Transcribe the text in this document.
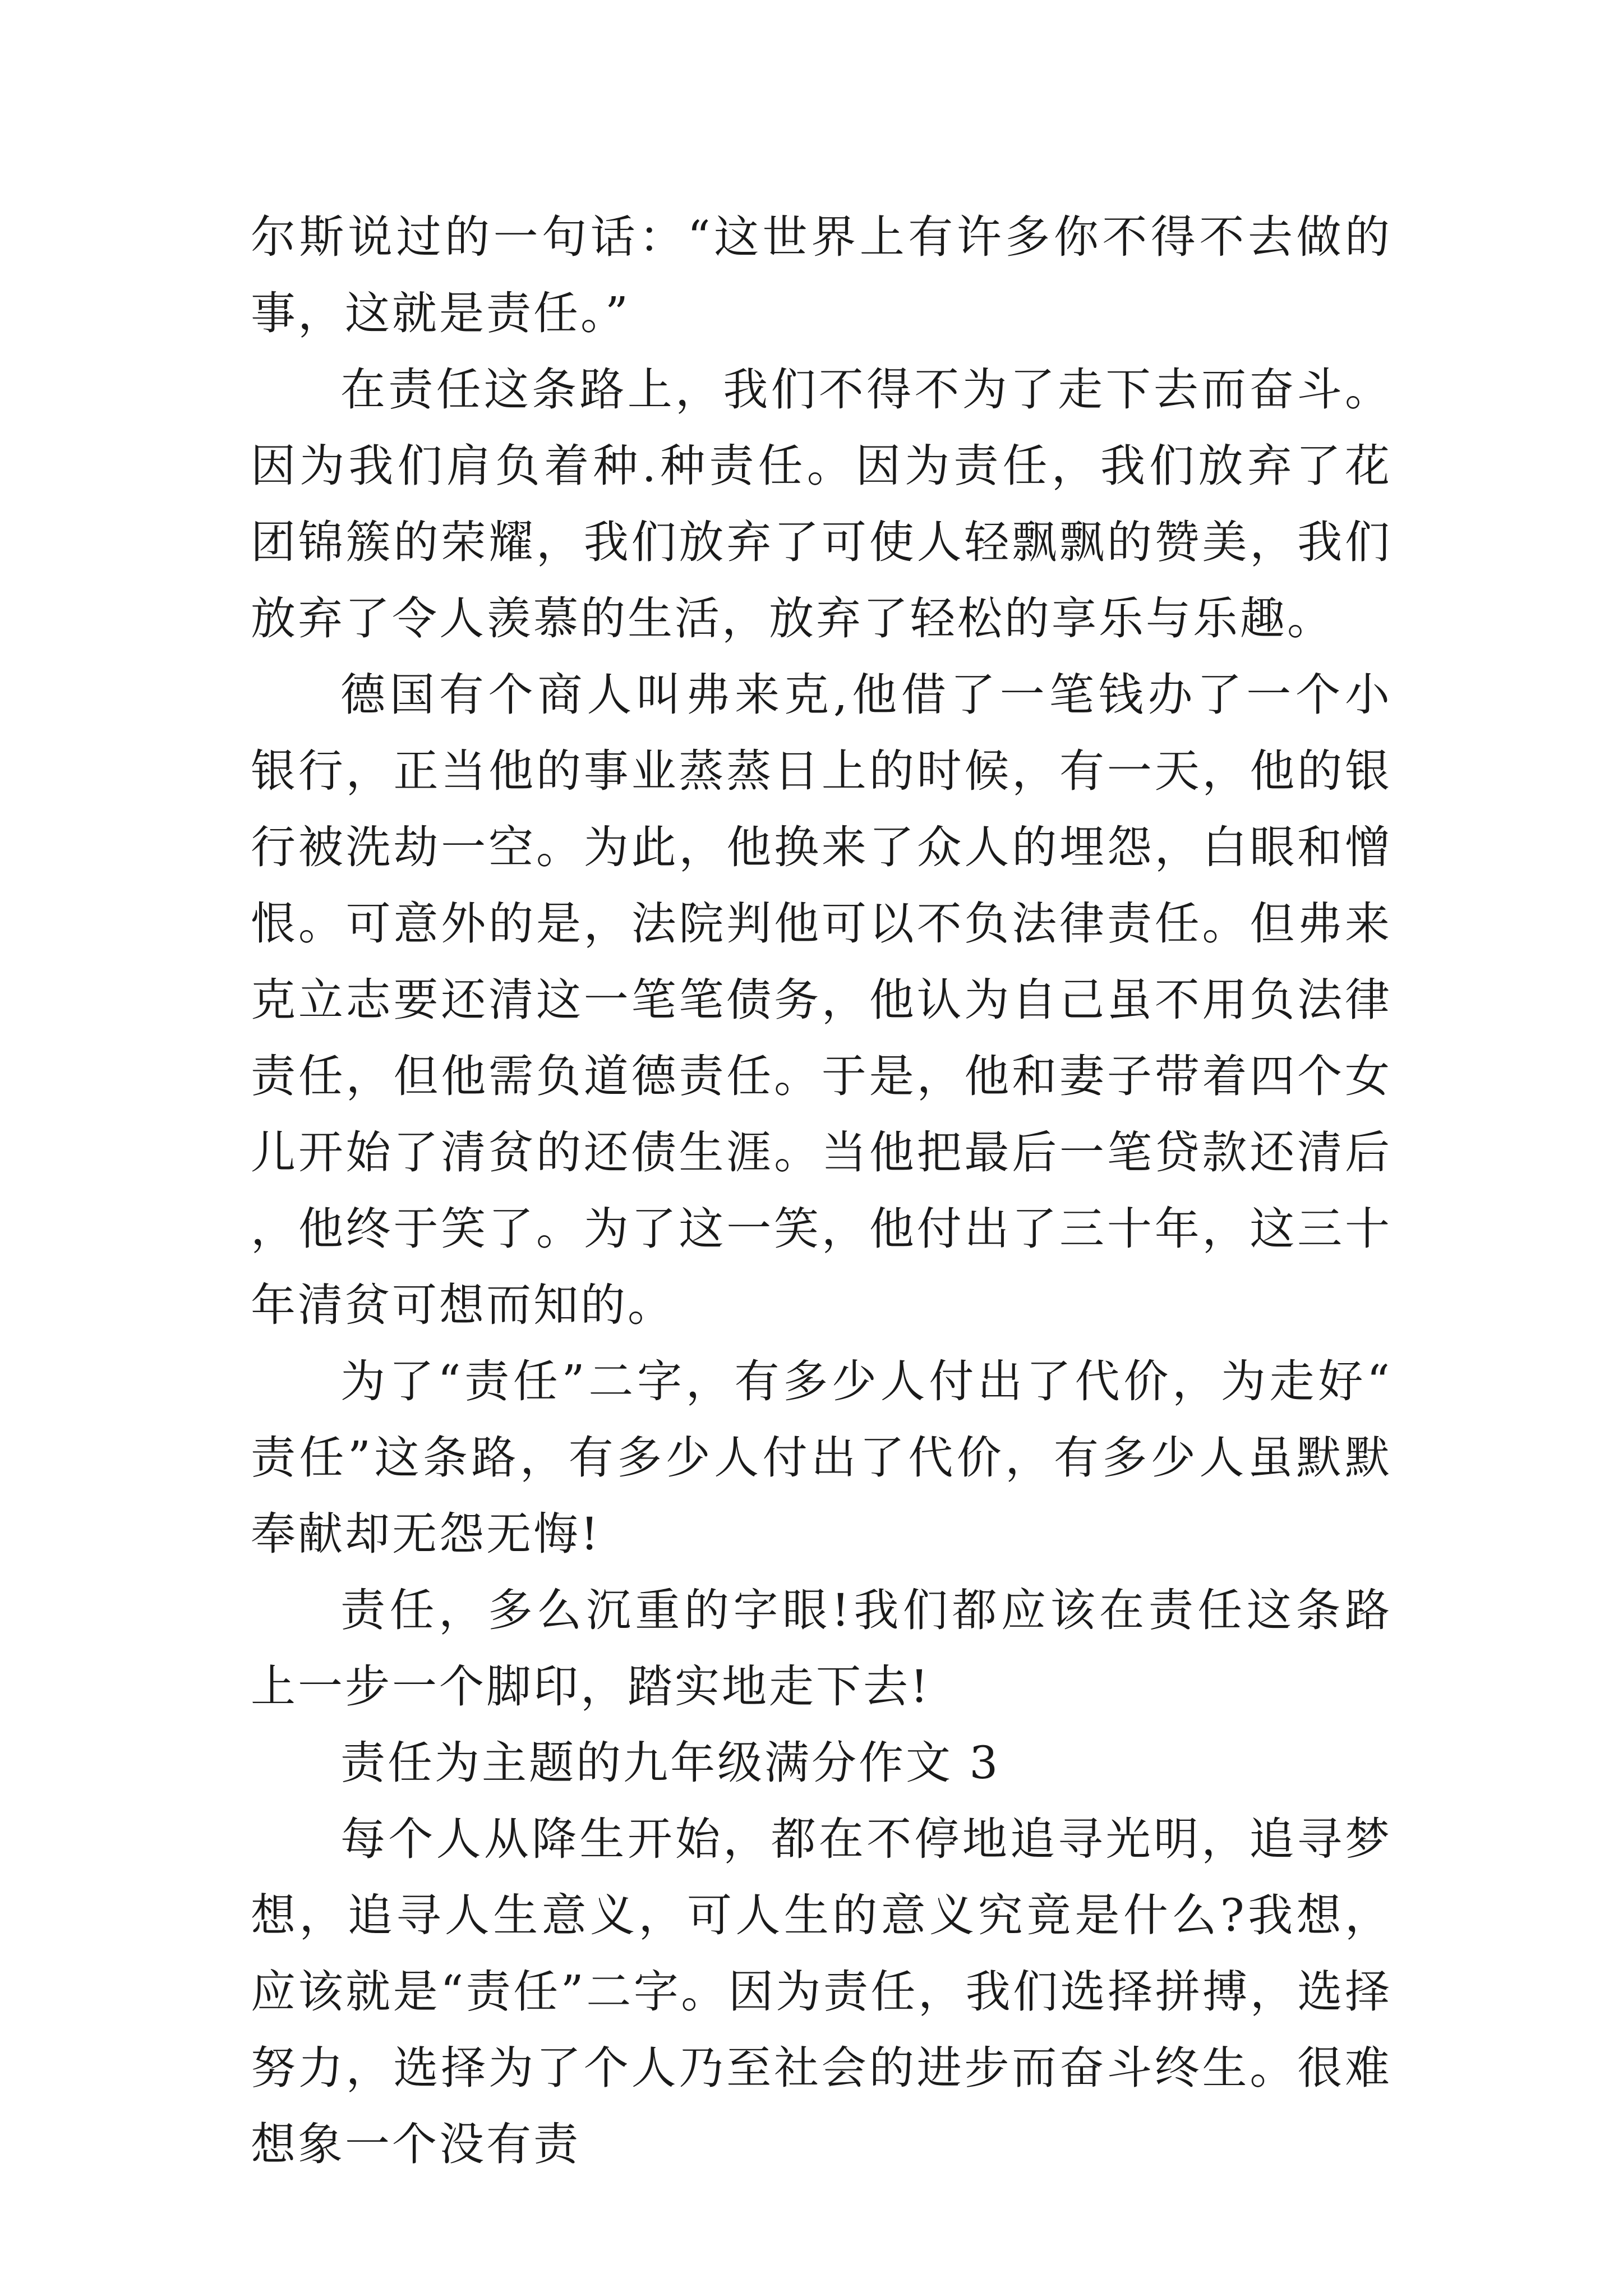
尔斯说过的一句话：“这世界上有许多你不得不去做的事，这就是责任。”

在责任这条路上，我们不得不为了走下去而奋斗。因为我们肩负着种.种责任。因为责任，我们放弃了花团锦簇的荣耀，我们放弃了可使人轻飘飘的赞美，我们放弃了令人羡慕的生活，放弃了轻松的享乐与乐趣。

德国有个商人叫弗来克,他借了一笔钱办了一个小银行，正当他的事业蒸蒸日上的时候，有一天，他的银行被洗劫一空。为此，他换来了众人的埋怨，白眼和憎恨。可意外的是，法院判他可以不负法律责任。但弗来克立志要还清这一笔笔债务，他认为自己虽不用负法律责任，但他需负道德责任。于是，他和妻子带着四个女儿开始了清贫的还债生涯。当他把最后一笔贷款还清后，他终于笑了。为了这一笑，他付出了三十年，这三十年清贫可想而知的。

为了“责任”二字，有多少人付出了代价，为走好“责任”这条路，有多少人付出了代价，有多少人虽默默奉献却无怨无悔!

责任，多么沉重的字眼!我们都应该在责任这条路上一步一个脚印，踏实地走下去!

责任为主题的九年级满分作文 3

每个人从降生开始，都在不停地追寻光明，追寻梦想，追寻人生意义，可人生的意义究竟是什么?我想，应该就是“责任”二字。因为责任，我们选择拼搏，选择努力，选择为了个人乃至社会的进步而奋斗终生。很难想象一个没有责
